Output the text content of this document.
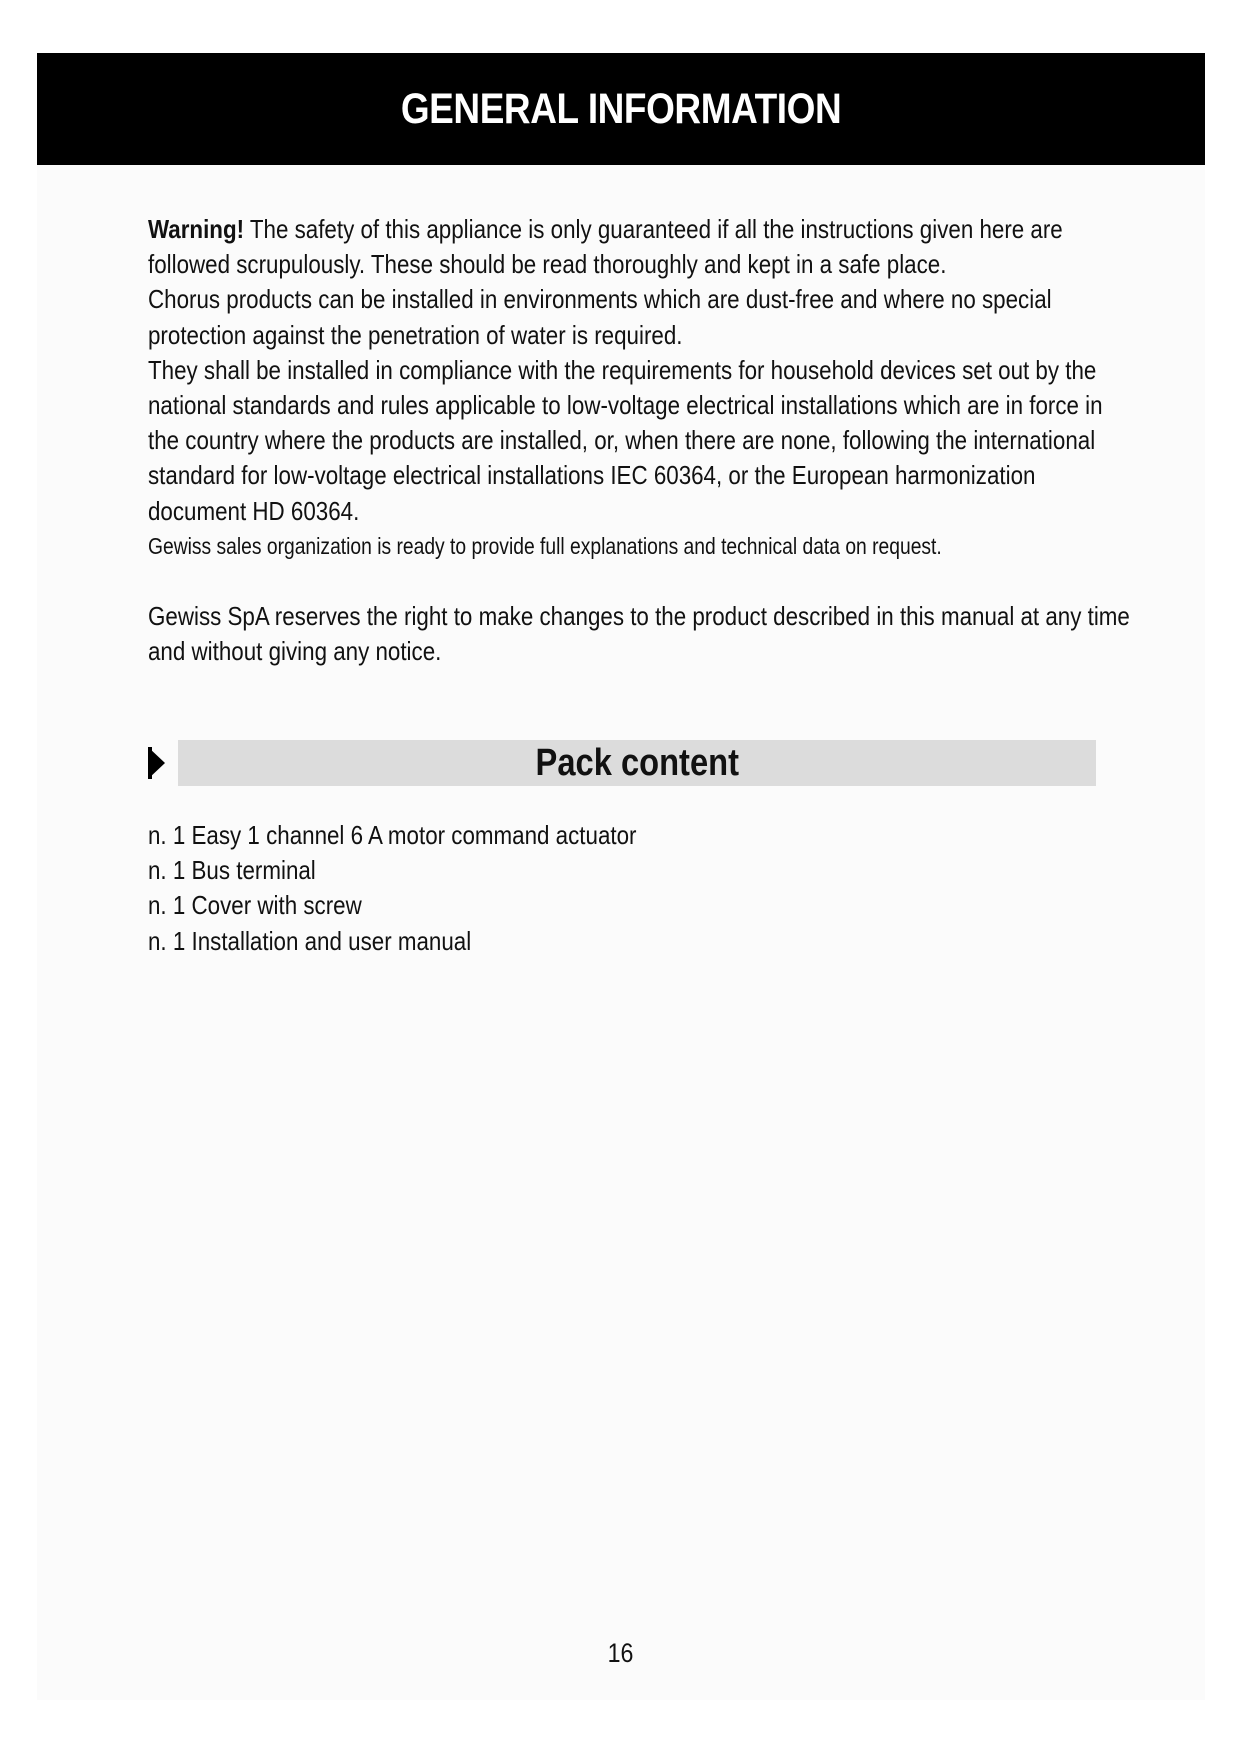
GENERAL INFORMATION

Warning! The safety of this appliance is only guaranteed if all the instructions given here are followed scrupulously. These should be read thoroughly and kept in a safe place.

Chorus products can be installed in environments which are dust-free and where no special protection against the penetration of water is required.

They shall be installed in compliance with the requirements for household devices set out by the national standards and rules applicable to low-voltage electrical installations which are in force in the country where the products are installed, or, when there are none, following the international standard for low-voltage electrical installations IEC 60364, or the European harmonization document HD 60364.

Gewiss sales organization is ready to provide full explanations and technical data on request.

Gewiss SpA reserves the right to make changes to the product described in this manual at any time and without giving any notice.

Pack content
n. 1 Easy 1 channel 6 A motor command actuator
n. 1 Bus terminal
n. 1 Cover with screw
n. 1 Installation and user manual
16
